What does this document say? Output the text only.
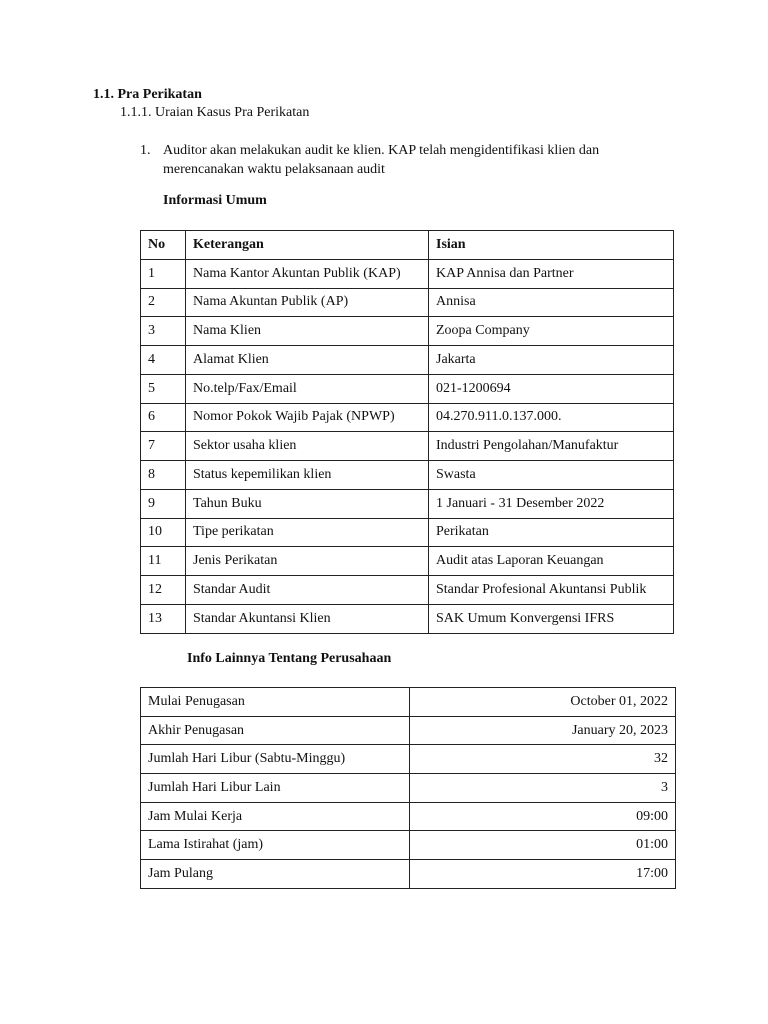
1.1. Pra Perikatan
1.1.1. Uraian Kasus Pra Perikatan
1. Auditor akan melakukan audit ke klien. KAP telah mengidentifikasi klien dan
merencanakan waktu pelaksanaan audit
Informasi Umum
No	Keterangan	Isian
1	Nama Kantor Akuntan Publik (KAP)	KAP Annisa dan Partner
2	Nama Akuntan Publik (AP)	Annisa
3	Nama Klien	Zoopa Company
4	Alamat Klien	Jakarta
5	No.telp/Fax/Email	021-1200694
6	Nomor Pokok Wajib Pajak (NPWP)	04.270.911.0.137.000.
7	Sektor usaha klien	Industri Pengolahan/Manufaktur
8	Status kepemilikan klien	Swasta
9	Tahun Buku	1 Januari - 31 Desember 2022
10	Tipe perikatan	Perikatan
11	Jenis Perikatan	Audit atas Laporan Keuangan
12	Standar Audit	Standar Profesional Akuntansi Publik
13	Standar Akuntansi Klien	SAK Umum Konvergensi IFRS
Info Lainnya Tentang Perusahaan
Mulai Penugasan	October 01, 2022
Akhir Penugasan	January 20, 2023
Jumlah Hari Libur (Sabtu-Minggu)	32
Jumlah Hari Libur Lain	3
Jam Mulai Kerja	09:00
Lama Istirahat (jam)	01:00
Jam Pulang	17:00
